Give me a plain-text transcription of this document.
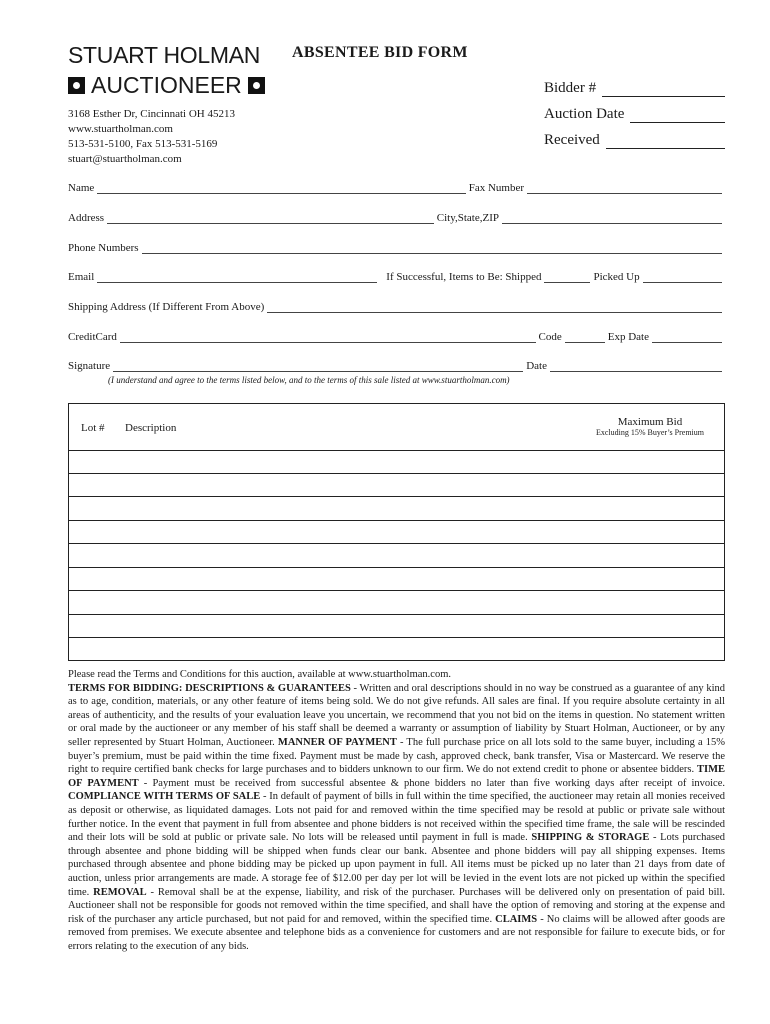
STUART HOLMAN
AUCTIONEER
3168 Esther Dr, Cincinnati OH 45213
www.stuartholman.com
513-531-5100, Fax 513-531-5169
stuart@stuartholman.com
ABSENTEE BID FORM
Bidder #
Auction Date
Received
Name	Fax Number
Address	City,State,ZIP
Phone Numbers
Email	If Successful, Items to Be: Shipped	Picked Up
Shipping Address (If Different From Above)
CreditCard	Code	Exp Date
Signature	Date
(I understand and agree to the terms listed below, and to the terms of this sale listed at www.stuartholman.com)
Lot # Description	Maximum Bid
Excluding 15% Buyer’s Premium
Please read the Terms and Conditions for this auction, available at www.stuartholman.com.
TERMS FOR BIDDING: DESCRIPTIONS & GUARANTEES - Written and oral descriptions should in no way be construed as a guarantee of any kind as to age, condition, materials, or any other feature of items being sold. We do not give refunds. All sales are final. If you require absolute certainty in all areas of authenticity, and the results of your evaluation leave you uncertain, we recommend that you not bid on the items in question. No statement written or oral made by the auctioneer or any member of his staff shall be deemed a warranty or assumption of liability by Stuart Holman, Auctioneer, or by any seller represented by Stuart Holman, Auctioneer. MANNER OF PAYMENT - The full purchase price on all lots sold to the same buyer, including a 15% buyer’s premium, must be paid within the time fixed. Payment must be made by cash, approved check, bank transfer, Visa or Mastercard. We reserve the right to require certified bank checks for large purchases and to bidders unknown to our firm. We do not extend credit to phone or absentee bidders. TIME OF PAYMENT - Payment must be received from successful absentee & phone bidders no later than five working days after receipt of invoice. COMPLIANCE WITH TERMS OF SALE - In default of payment of bills in full within the time specified, the auctioneer may retain all monies received as deposit or otherwise, as liquidated damages. Lots not paid for and removed within the time specified may be resold at public or private sale without further notice. In the event that payment in full from absentee and phone bidders is not received within the specified time frame, the sale will be rescinded and their lots will be sold at public or private sale. No lots will be released until payment in full is made. SHIPPING & STORAGE - Lots purchased through absentee and phone bidding will be shipped when funds clear our bank. Absentee and phone bidders will pay all shipping expenses. Items purchased through absentee and phone bidding may be picked up upon payment in full. All items must be picked up no later than 21 days from date of auction, unless prior arrangements are made. A storage fee of $12.00 per day per lot will be levied in the event lots are not picked up within the specified time. REMOVAL - Removal shall be at the expense, liability, and risk of the purchaser. Purchases will be delivered only on presentation of paid bill. Auctioneer shall not be responsible for goods not removed within the time specified, and shall have the option of removing and storing at the expense and risk of the purchaser any article purchased, but not paid for and removed, within the specified time. CLAIMS - No claims will be allowed after goods are removed from premises. We execute absentee and telephone bids as a convenience for customers and are not responsible for failure to execute bids, or for errors relating to the execution of any bids.
